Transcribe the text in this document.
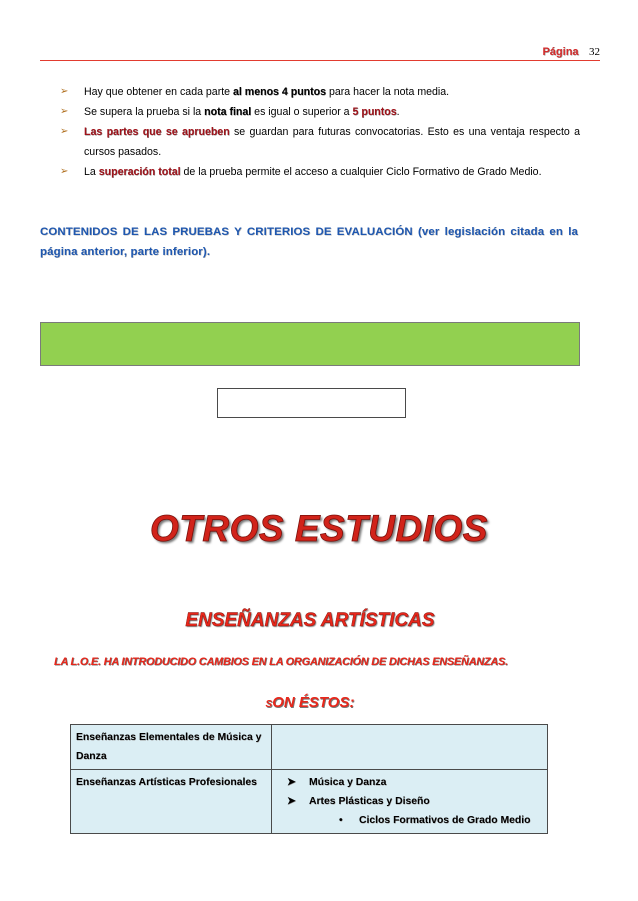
Página 32
➢ Hay que obtener en cada parte al menos 4 puntos para hacer la nota media.
➢ Se supera la prueba si la nota final es igual o superior a 5 puntos.
➢ Las partes que se aprueben se guardan para futuras convocatorias. Esto es una ventaja respecto a cursos pasados.
➢ La superación total de la prueba permite el acceso a cualquier Ciclo Formativo de Grado Medio.
CONTENIDOS DE LAS PRUEBAS Y CRITERIOS DE EVALUACIÓN (ver legislación citada en la página anterior, parte inferior).
OTROS ESTUDIOS
ENSEÑANZAS ARTÍSTICAS
LA L.O.E. HA INTRODUCIDO CAMBIOS EN LA ORGANIZACIÓN DE DICHAS ENSEÑANZAS.
SON ÉSTOS:
Enseñanzas Elementales de Música y Danza	
Enseñanzas Artísticas Profesionales	➤ Música y Danza
➤ Artes Plásticas y Diseño
• Ciclos Formativos de Grado Medio
